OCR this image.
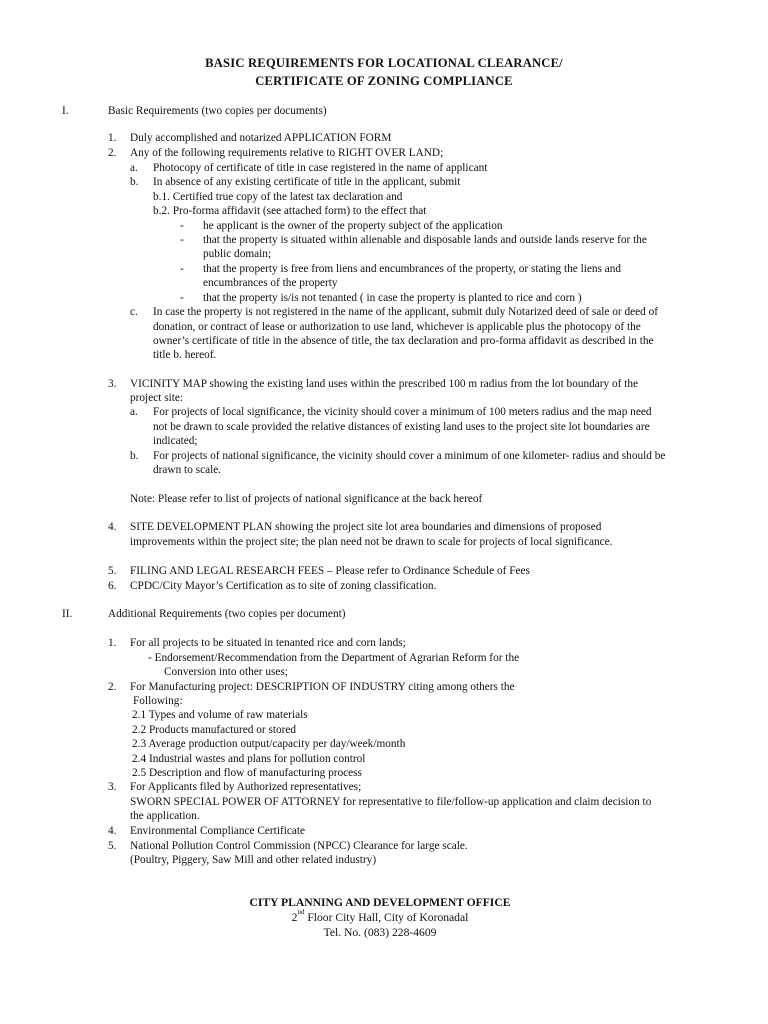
BASIC REQUIREMENTS FOR LOCATIONAL CLEARANCE/
CERTIFICATE OF ZONING COMPLIANCE
I.	Basic Requirements (two copies per documents)
1. Duly accomplished and notarized APPLICATION FORM
2. Any of the following requirements relative to RIGHT OVER LAND;
a. Photocopy of certificate of title in case registered in the name of applicant
b. In absence of any existing certificate of title in the applicant, submit
b.1. Certified true copy of the latest tax declaration and
b.2. Pro-forma affidavit (see attached form) to the effect that
- he applicant is the owner of the property subject of the application
- that the property is situated within alienable and disposable lands and outside lands reserve for the
public domain;
- that the property is free from liens and encumbrances of the property, or stating the liens and
encumbrances of the property
- that the property is/is not tenanted ( in case the property is planted to rice and corn )
c. In case the property is not registered in the name of the applicant, submit duly Notarized deed of sale or deed of
donation, or contract of lease or authorization to use land, whichever is applicable plus the photocopy of the
owner’s certificate of title in the absence of title, the tax declaration and pro-forma affidavit as described in the
title b. hereof.
3. VICINITY MAP showing the existing land uses within the prescribed 100 m radius from the lot boundary of the
project site:
a. For projects of local significance, the vicinity should cover a minimum of 100 meters radius and the map need
not be drawn to scale provided the relative distances of existing land uses to the project site lot boundaries are
indicated;
b. For projects of national significance, the vicinity should cover a minimum of one kilometer- radius and should be
drawn to scale.
Note: Please refer to list of projects of national significance at the back hereof
4. SITE DEVELOPMENT PLAN showing the project site lot area boundaries and dimensions of proposed
improvements within the project site; the plan need not be drawn to scale for projects of local significance.
5. FILING AND LEGAL RESEARCH FEES – Please refer to Ordinance Schedule of Fees
6. CPDC/City Mayor’s Certification as to site of zoning classification.
II.	Additional Requirements (two copies per document)
1. For all projects to be situated in tenanted rice and corn lands;
- Endorsement/Recommendation from the Department of Agrarian Reform for the
Conversion into other uses;
2. For Manufacturing project: DESCRIPTION OF INDUSTRY citing among others the
Following:
2.1 Types and volume of raw materials
2.2 Products manufactured or stored
2.3 Average production output/capacity per day/week/month
2.4 Industrial wastes and plans for pollution control
2.5 Description and flow of manufacturing process
3. For Applicants filed by Authorized representatives;
SWORN SPECIAL POWER OF ATTORNEY for representative to file/follow-up application and claim decision to
the application.
4. Environmental Compliance Certificate
5. National Pollution Control Commission (NPCC) Clearance for large scale.
(Poultry, Piggery, Saw Mill and other related industry)
CITY PLANNING AND DEVELOPMENT OFFICE
2nd Floor City Hall, City of Koronadal
Tel. No. (083) 228-4609
